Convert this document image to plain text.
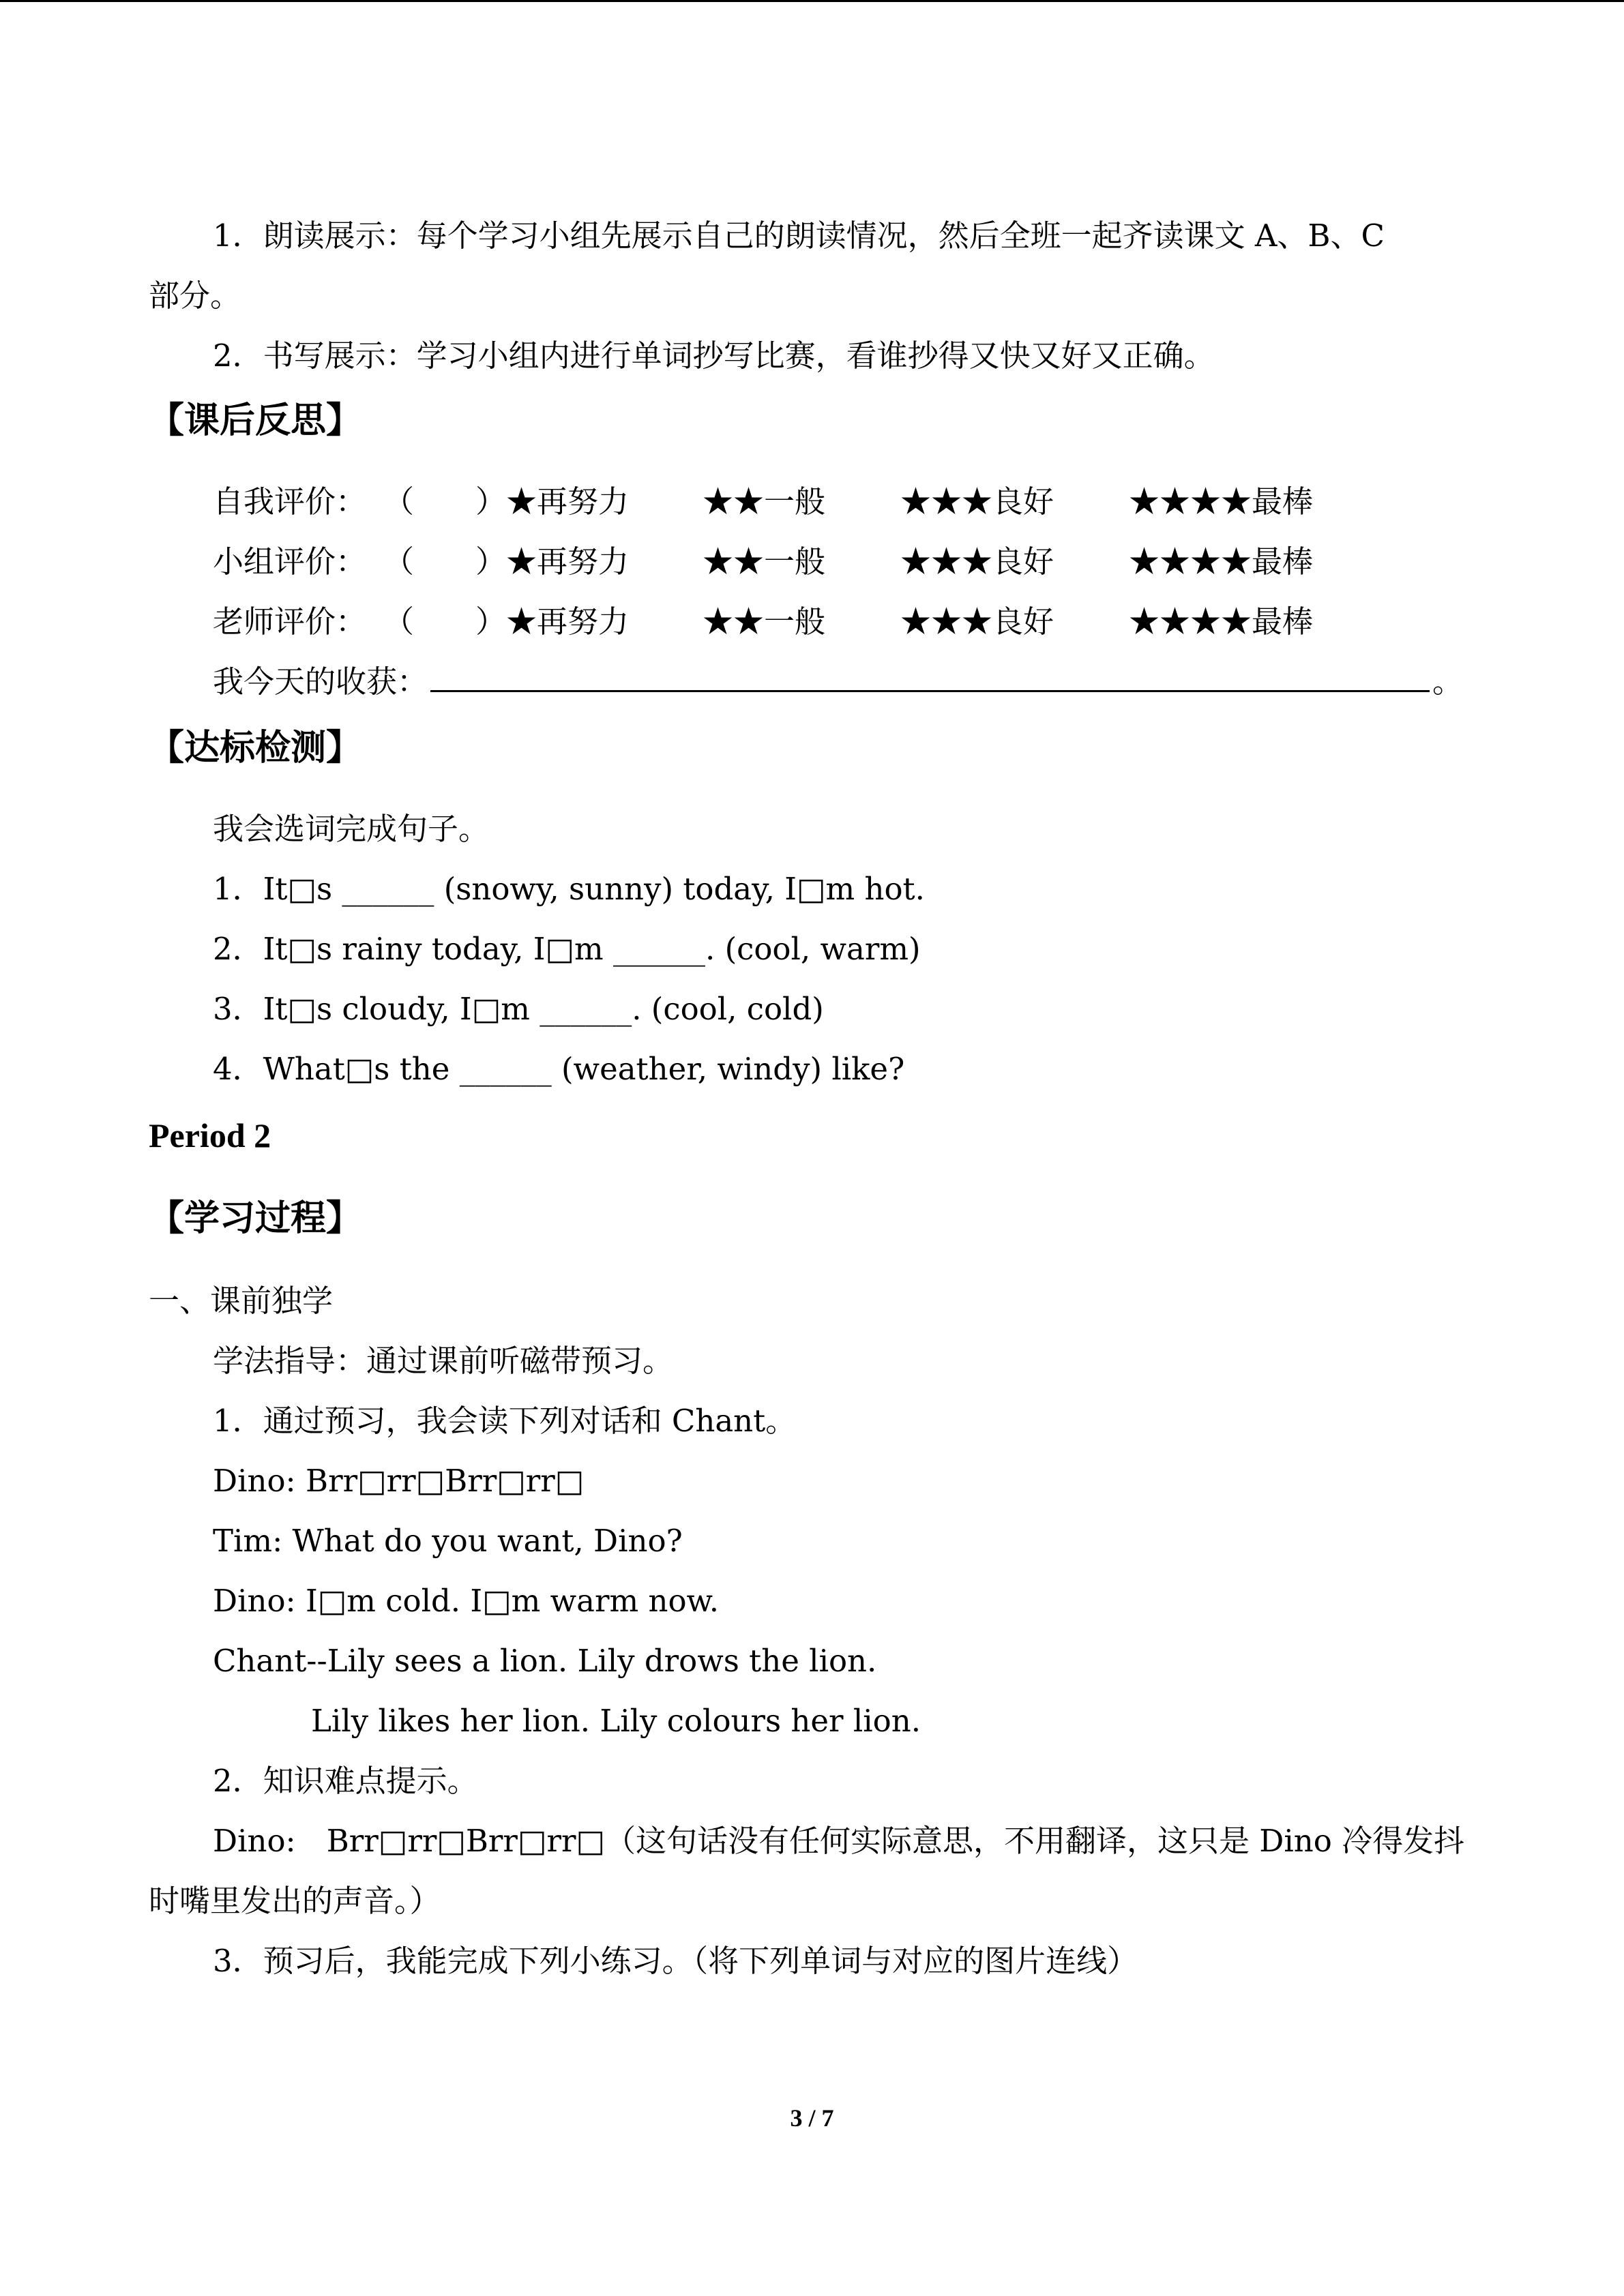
1．朗读展示：每个学习小组先展示自己的朗读情况，然后全班一起齐读课文 A、B、C
部分。
2．书写展示：学习小组内进行单词抄写比赛，看谁抄得又快又好又正确。
【课后反思】
自我评价： （　　） ★再努力 ★★一般 ★★★良好 ★★★★最棒
小组评价： （　　） ★再努力 ★★一般 ★★★良好 ★★★★最棒
老师评价： （　　） ★再努力 ★★一般 ★★★良好 ★★★★最棒
我今天的收获：	。
【达标检测】
我会选词完成句子。
1．It□s ______ (snowy, sunny) today, I□m hot.
2．It□s rainy today, I□m ______. (cool, warm)
3．It□s cloudy, I□m ______. (cool, cold)
4．What□s the ______ (weather, windy) like?
Period 2
【学习过程】
一、课前独学
学法指导：通过课前听磁带预习。
1．通过预习，我会读下列对话和 Chant。
Dino: Brr□rr□Brr□rr□
Tim: What do you want, Dino?
Dino: I□m cold. I□m warm now.
Chant--Lily sees a lion. Lily drows the lion.
Lily likes her lion. Lily colours her lion.
2．知识难点提示。
Dino:　Brr□rr□Brr□rr□（这句话没有任何实际意思，不用翻译，这只是 Dino 冷得发抖
时嘴里发出的声音。）
3．预习后，我能完成下列小练习。（将下列单词与对应的图片连线）
3 / 7
